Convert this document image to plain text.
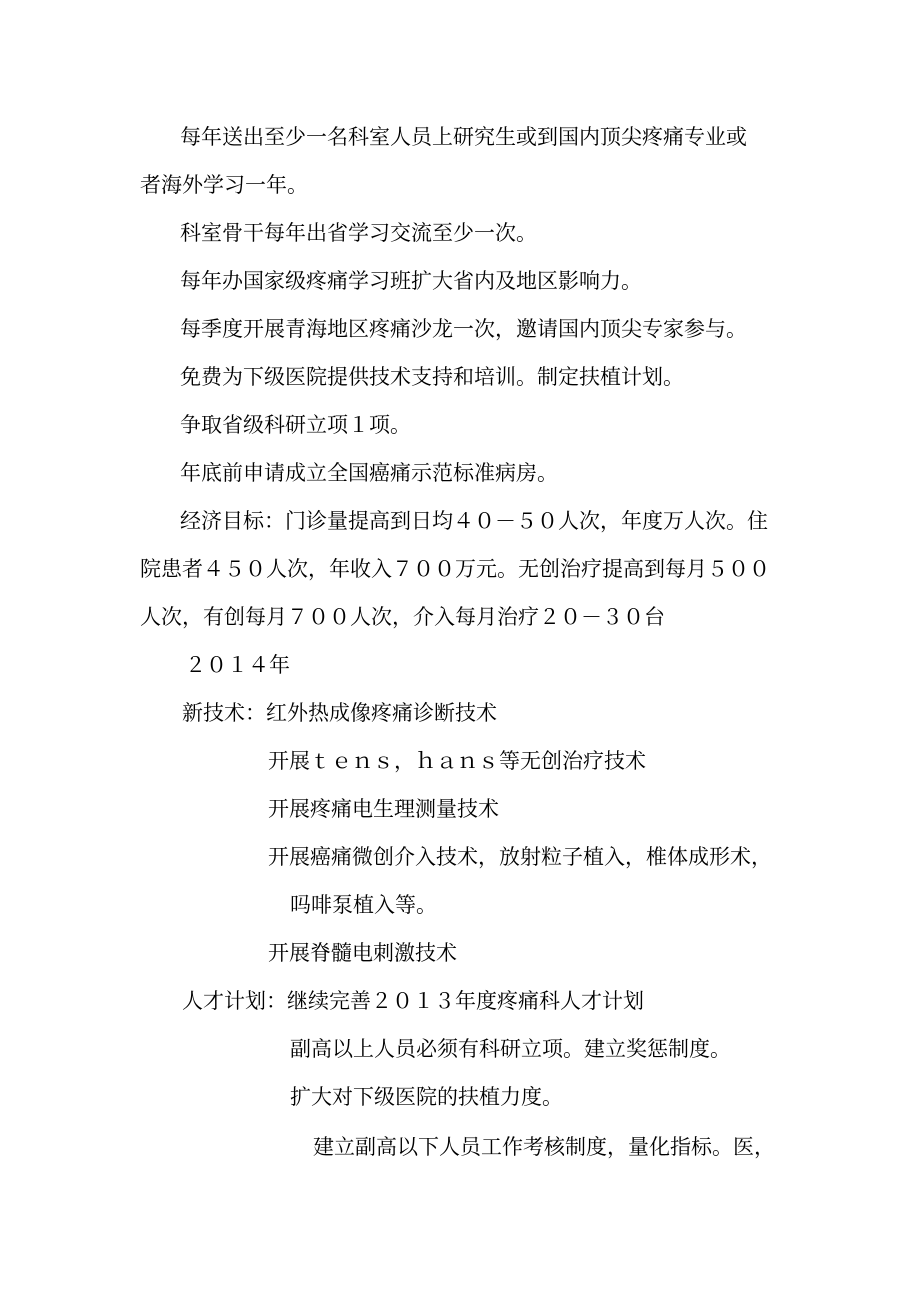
每年送出至少一名科室人员上研究生或到国内顶尖疼痛专业或

者海外学习一年。

科室骨干每年出省学习交流至少一次。

每年办国家级疼痛学习班扩大省内及地区影响力。

每季度开展青海地区疼痛沙龙一次，邀请国内顶尖专家参与。

免费为下级医院提供技术支持和培训。制定扶植计划。

争取省级科研立项１项。

年底前申请成立全国癌痛示范标准病房。

经济目标：门诊量提高到日均４０－５０人次，年度万人次。住

院患者４５０人次，年收入７００万元。无创治疗提高到每月５００

人次，有创每月７００人次，介入每月治疗２０－３０台

２０１４年

新技术：红外热成像疼痛诊断技术

开展ｔｅｎｓ，ｈａｎｓ等无创治疗技术

开展疼痛电生理测量技术

开展癌痛微创介入技术，放射粒子植入，椎体成形术，

吗啡泵植入等。

开展脊髓电刺激技术

人才计划：继续完善２０１３年度疼痛科人才计划

副高以上人员必须有科研立项。建立奖惩制度。

扩大对下级医院的扶植力度。

建立副高以下人员工作考核制度，量化指标。医，
